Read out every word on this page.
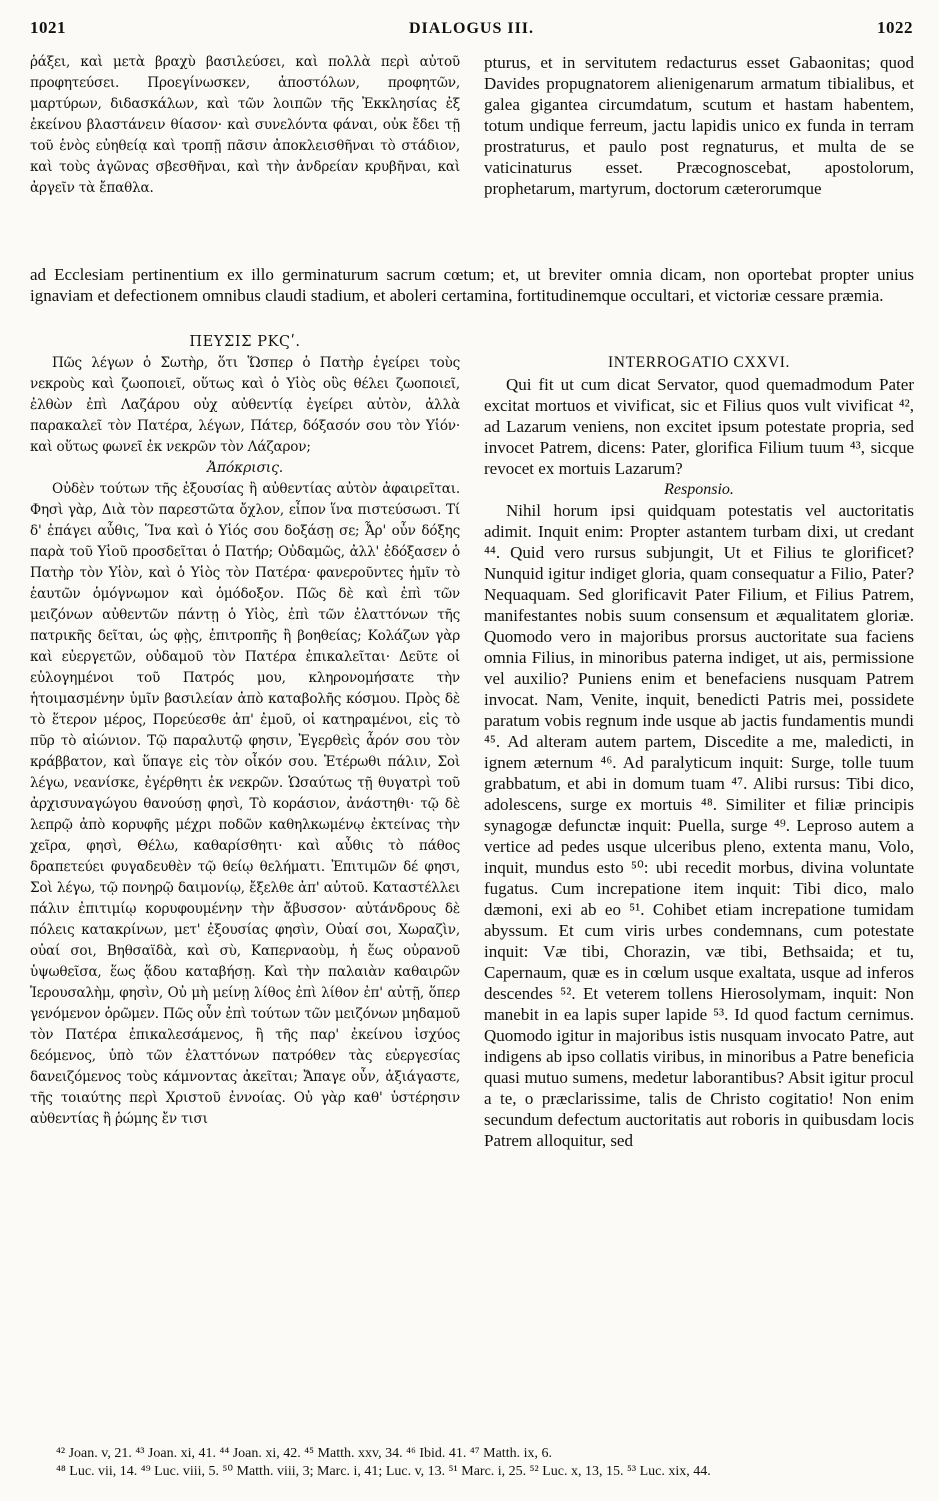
1021	DIALOGUS III.	1022

ῥάξει, καὶ μετὰ βραχὺ βασιλεύσει, καὶ πολλὰ περὶ αὐτοῦ προφητεύσει. Προεγίνωσκεν, ἀποστόλων, προφητῶν, μαρτύρων, διδασκάλων, καὶ τῶν λοιπῶν τῆς Ἐκκλησίας ἐξ ἐκείνου βλαστάνειν θίασον· καὶ συνελόντα φάναι, οὐκ ἔδει τῇ τοῦ ἑνὸς εὐηθείᾳ καὶ τροπῇ πᾶσιν ἀποκλεισθῆναι τὸ στάδιον, καὶ τοὺς ἀγῶνας σβεσθῆναι, καὶ τὴν ἀνδρείαν κρυβῆναι, καὶ ἀργεῖν τὰ ἔπαθλα.

pturus, et in servitutem redacturus esset Gabaonitas; quod Davides propugnatorem alienigenarum armatum tibialibus, et galea gigantea circumdatum, scutum et hastam habentem, totum undique ferreum, jactu lapidis unico ex funda in terram prostraturus, et paulo post regnaturus, et multa de se vaticinaturus esset. Præcognoscebat, apostolorum, prophetarum, martyrum, doctorum cæterorumque

ad Ecclesiam pertinentium ex illo germinaturum sacrum cœtum; et, ut breviter omnia dicam, non oportebat propter unius ignaviam et defectionem omnibus claudi stadium, et aboleri certamina, fortitudinemque occultari, et victoriæ cessare præmia.

ΠΕΥΣΙΣ ΡΚϚʹ.

Πῶς λέγων ὁ Σωτὴρ, ὅτι Ὥσπερ ὁ Πατὴρ ἐγείρει τοὺς νεκροὺς καὶ ζωοποιεῖ, οὕτως καὶ ὁ Υἱὸς οὓς θέλει ζωοποιεῖ, ἐλθὼν ἐπὶ Λαζάρου οὐχ αὐθεντίᾳ ἐγείρει αὐτὸν, ἀλλὰ παρακαλεῖ τὸν Πατέρα, λέγων, Πάτερ, δόξασόν σου τὸν Υἱόν· καὶ οὕτως φωνεῖ ἐκ νεκρῶν τὸν Λάζαρον;

Ἀπόκρισις.

Οὐδὲν τούτων τῆς ἐξουσίας ἢ αὐθεντίας αὐτὸν ἀφαιρεῖται. Φησὶ γὰρ, Διὰ τὸν παρεστῶτα ὄχλον, εἶπον ἵνα πιστεύσωσι. Τί δ' ἐπάγει αὖθις, Ἵνα καὶ ὁ Υἱός σου δοξάσῃ σε; Ἆρ' οὖν δόξης παρὰ τοῦ Υἱοῦ προσδεῖται ὁ Πατήρ; Οὐδαμῶς, ἀλλ' ἐδόξασεν ὁ Πατὴρ τὸν Υἱὸν, καὶ ὁ Υἱὸς τὸν Πατέρα· φανεροῦντες ἡμῖν τὸ ἑαυτῶν ὁμόγνωμον καὶ ὁμόδοξον. Πῶς δὲ καὶ ἐπὶ τῶν μειζόνων αὐθεντῶν πάντῃ ὁ Υἱὸς, ἐπὶ τῶν ἐλαττόνων τῆς πατρικῆς δεῖται, ὡς φῂς, ἐπιτροπῆς ἢ βοηθείας; Κολάζων γὰρ καὶ εὐεργετῶν, οὐδαμοῦ τὸν Πατέρα ἐπικαλεῖται· Δεῦτε οἱ εὐλογημένοι τοῦ Πατρός μου, κληρονομήσατε τὴν ἡτοιμασμένην ὑμῖν βασιλείαν ἀπὸ καταβολῆς κόσμου. Πρὸς δὲ τὸ ἕτερον μέρος, Πορεύεσθε ἀπ' ἐμοῦ, οἱ κατηραμένοι, εἰς τὸ πῦρ τὸ αἰώνιον. Τῷ παραλυτῷ φησιν, Ἐγερθεὶς ἆρόν σου τὸν κράββατον, καὶ ὕπαγε εἰς τὸν οἶκόν σου. Ἑτέρωθι πάλιν, Σοὶ λέγω, νεανίσκε, ἐγέρθητι ἐκ νεκρῶν. Ὡσαύτως τῇ θυγατρὶ τοῦ ἀρχισυναγώγου θανούσῃ φησὶ, Τὸ κοράσιον, ἀνάστηθι· τῷ δὲ λεπρῷ ἀπὸ κορυφῆς μέχρι ποδῶν καθηλκωμένῳ ἐκτείνας τὴν χεῖρα, φησὶ, Θέλω, καθαρίσθητι· καὶ αὖθις τὸ πάθος δραπετεύει φυγαδευθὲν τῷ θείῳ θελήματι. Ἐπιτιμῶν δέ φησι, Σοὶ λέγω, τῷ πονηρῷ δαιμονίῳ, ἔξελθε ἀπ' αὐτοῦ. Καταστέλλει πάλιν ἐπιτιμίῳ κορυφουμένην τὴν ἄβυσσον· αὐτάνδρους δὲ πόλεις κατακρίνων, μετ' ἐξουσίας φησὶν, Οὐαί σοι, Χωραζὶν, οὐαί σοι, Βηθσαϊδὰ, καὶ σὺ, Καπερναοὺμ, ἡ ἕως οὐρανοῦ ὑψωθεῖσα, ἕως ᾅδου καταβήσῃ. Καὶ τὴν παλαιὰν καθαιρῶν Ἱερουσαλὴμ, φησὶν, Οὐ μὴ μείνῃ λίθος ἐπὶ λίθον ἐπ' αὐτῇ, ὅπερ γενόμενον ὁρῶμεν. Πῶς οὖν ἐπὶ τούτων τῶν μειζόνων μηδαμοῦ τὸν Πατέρα ἐπικαλεσάμενος, ἢ τῆς παρ' ἐκείνου ἰσχύος δεόμενος, ὑπὸ τῶν ἐλαττόνων πατρόθεν τὰς εὐεργεσίας δανειζόμενος τοὺς κάμνοντας ἀκεῖται; Ἄπαγε οὖν, ἀξιάγαστε, τῆς τοιαύτης περὶ Χριστοῦ ἐννοίας. Οὐ γὰρ καθ' ὑστέρησιν αὐθεντίας ἢ ῥώμης ἔν τισι

INTERROGATIO CXXVI.

Qui fit ut cum dicat Servator, quod quemadmodum Pater excitat mortuos et vivificat, sic et Filius quos vult vivificat ⁴², ad Lazarum veniens, non excitet ipsum potestate propria, sed invocet Patrem, dicens: Pater, glorifica Filium tuum ⁴³, sicque revocet ex mortuis Lazarum?

Responsio.

Nihil horum ipsi quidquam potestatis vel auctoritatis adimit. Inquit enim: Propter astantem turbam dixi, ut credant ⁴⁴. Quid vero rursus subjungit, Ut et Filius te glorificet? Nunquid igitur indiget gloria, quam consequatur a Filio, Pater? Nequaquam. Sed glorificavit Pater Filium, et Filius Patrem, manifestantes nobis suum consensum et æqualitatem gloriæ. Quomodo vero in majoribus prorsus auctoritate sua faciens omnia Filius, in minoribus paterna indiget, ut ais, permissione vel auxilio? Puniens enim et benefaciens nusquam Patrem invocat. Nam, Venite, inquit, benedicti Patris mei, possidete paratum vobis regnum inde usque ab jactis fundamentis mundi ⁴⁵. Ad alteram autem partem, Discedite a me, maledicti, in ignem æternum ⁴⁶. Ad paralyticum inquit: Surge, tolle tuum grabbatum, et abi in domum tuam ⁴⁷. Alibi rursus: Tibi dico, adolescens, surge ex mortuis ⁴⁸. Similiter et filiæ principis synagogæ defunctæ inquit: Puella, surge ⁴⁹. Leproso autem a vertice ad pedes usque ulceribus pleno, extenta manu, Volo, inquit, mundus esto ⁵⁰: ubi recedit morbus, divina voluntate fugatus. Cum increpatione item inquit: Tibi dico, malo dæmoni, exi ab eo ⁵¹. Cohibet etiam increpatione tumidam abyssum. Et cum viris urbes condemnans, cum potestate inquit: Væ tibi, Chorazin, væ tibi, Bethsaida; et tu, Capernaum, quæ es in cœlum usque exaltata, usque ad inferos descendes ⁵². Et veterem tollens Hierosolymam, inquit: Non manebit in ea lapis super lapide ⁵³. Id quod factum cernimus. Quomodo igitur in majoribus istis nusquam invocato Patre, aut indigens ab ipso collatis viribus, in minoribus a Patre beneficia quasi mutuo sumens, medetur laborantibus? Absit igitur procul a te, o præclarissime, talis de Christo cogitatio! Non enim secundum defectum auctoritatis aut roboris in quibusdam locis Patrem alloquitur, sed

⁴² Joan. v, 21. ⁴³ Joan. xi, 41. ⁴⁴ Joan. xi, 42. ⁴⁵ Matth. xxv, 34. ⁴⁶ Ibid. 41. ⁴⁷ Matth. ix, 6.
⁴⁸ Luc. vii, 14. ⁴⁹ Luc. viii, 5. ⁵⁰ Matth. viii, 3; Marc. i, 41; Luc. v, 13. ⁵¹ Marc. i, 25. ⁵² Luc. x, 13, 15. ⁵³ Luc. xix, 44.
